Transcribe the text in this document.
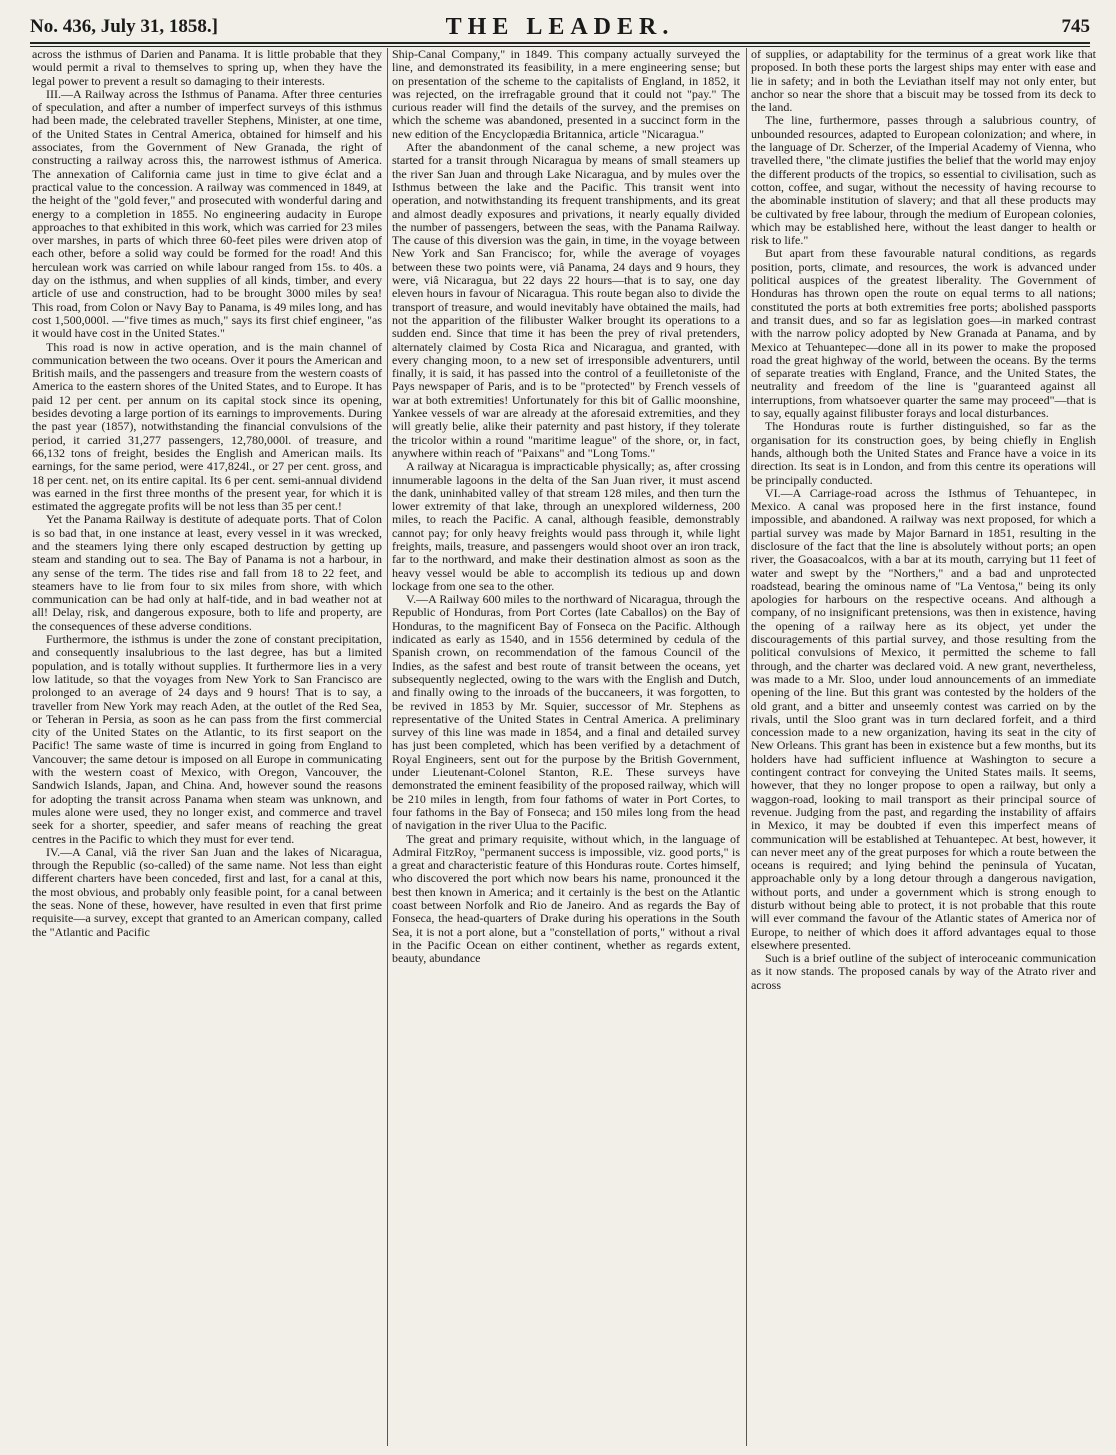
No. 436, July 31, 1858.]	THE LEADER.	745

across the isthmus of Darien and Panama. It is little probable that they would permit a rival to themselves to spring up, when they have the legal power to prevent a result so damaging to their interests.

III.—A Railway across the Isthmus of Panama. After three centuries of speculation, and after a number of imperfect surveys of this isthmus had been made, the celebrated traveller Stephens, Minister, at one time, of the United States in Central America, obtained for himself and his associates, from the Government of New Granada, the right of constructing a railway across this, the narrowest isthmus of America. The annexation of California came just in time to give éclat and a practical value to the concession. A railway was commenced in 1849, at the height of the "gold fever," and prosecuted with wonderful daring and energy to a completion in 1855. No engineering audacity in Europe approaches to that exhibited in this work, which was carried for 23 miles over marshes, in parts of which three 60-feet piles were driven atop of each other, before a solid way could be formed for the road! And this herculean work was carried on while labour ranged from 15s. to 40s. a day on the isthmus, and when supplies of all kinds, timber, and every article of use and construction, had to be brought 3000 miles by sea! This road, from Colon or Navy Bay to Panama, is 49 miles long, and has cost 1,500,000l. —"five times as much," says its first chief engineer, "as it would have cost in the United States."

This road is now in active operation, and is the main channel of communication between the two oceans. Over it pours the American and British mails, and the passengers and treasure from the western coasts of America to the eastern shores of the United States, and to Europe. It has paid 12 per cent. per annum on its capital stock since its opening, besides devoting a large portion of its earnings to improvements. During the past year (1857), notwithstanding the financial convulsions of the period, it carried 31,277 passengers, 12,780,000l. of treasure, and 66,132 tons of freight, besides the English and American mails. Its earnings, for the same period, were 417,824l., or 27 per cent. gross, and 18 per cent. net, on its entire capital. Its 6 per cent. semi-annual dividend was earned in the first three months of the present year, for which it is estimated the aggregate profits will be not less than 35 per cent.!

Yet the Panama Railway is destitute of adequate ports. That of Colon is so bad that, in one instance at least, every vessel in it was wrecked, and the steamers lying there only escaped destruction by getting up steam and standing out to sea. The Bay of Panama is not a harbour, in any sense of the term. The tides rise and fall from 18 to 22 feet, and steamers have to lie from four to six miles from shore, with which communication can be had only at half-tide, and in bad weather not at all! Delay, risk, and dangerous exposure, both to life and property, are the consequences of these adverse conditions.

Furthermore, the isthmus is under the zone of constant precipitation, and consequently insalubrious to the last degree, has but a limited population, and is totally without supplies. It furthermore lies in a very low latitude, so that the voyages from New York to San Francisco are prolonged to an average of 24 days and 9 hours! That is to say, a traveller from New York may reach Aden, at the outlet of the Red Sea, or Teheran in Persia, as soon as he can pass from the first commercial city of the United States on the Atlantic, to its first seaport on the Pacific! The same waste of time is incurred in going from England to Vancouver; the same detour is imposed on all Europe in communicating with the western coast of Mexico, with Oregon, Vancouver, the Sandwich Islands, Japan, and China. And, however sound the reasons for adopting the transit across Panama when steam was unknown, and mules alone were used, they no longer exist, and commerce and travel seek for a shorter, speedier, and safer means of reaching the great centres in the Pacific to which they must for ever tend.

IV.—A Canal, viâ the river San Juan and the lakes of Nicaragua, through the Republic (so-called) of the same name. Not less than eight different charters have been conceded, first and last, for a canal at this, the most obvious, and probably only feasible point, for a canal between the seas. None of these, however, have resulted in even that first prime requisite—a survey, except that granted to an American company, called the "Atlantic and Pacific

Ship-Canal Company," in 1849. This company actually surveyed the line, and demonstrated its feasibility, in a mere engineering sense; but on presentation of the scheme to the capitalists of England, in 1852, it was rejected, on the irrefragable ground that it could not "pay." The curious reader will find the details of the survey, and the premises on which the scheme was abandoned, presented in a succinct form in the new edition of the Encyclopædia Britannica, article "Nicaragua."

After the abandonment of the canal scheme, a new project was started for a transit through Nicaragua by means of small steamers up the river San Juan and through Lake Nicaragua, and by mules over the Isthmus between the lake and the Pacific. This transit went into operation, and notwithstanding its frequent transhipments, and its great and almost deadly exposures and privations, it nearly equally divided the number of passengers, between the seas, with the Panama Railway. The cause of this diversion was the gain, in time, in the voyage between New York and San Francisco; for, while the average of voyages between these two points were, viâ Panama, 24 days and 9 hours, they were, viâ Nicaragua, but 22 days 22 hours—that is to say, one day eleven hours in favour of Nicaragua. This route began also to divide the transport of treasure, and would inevitably have obtained the mails, had not the apparition of the filibuster Walker brought its operations to a sudden end. Since that time it has been the prey of rival pretenders, alternately claimed by Costa Rica and Nicaragua, and granted, with every changing moon, to a new set of irresponsible adventurers, until finally, it is said, it has passed into the control of a feuilletoniste of the Pays newspaper of Paris, and is to be "protected" by French vessels of war at both extremities! Unfortunately for this bit of Gallic moonshine, Yankee vessels of war are already at the aforesaid extremities, and they will greatly belie, alike their paternity and past history, if they tolerate the tricolor within a round "maritime league" of the shore, or, in fact, anywhere within reach of "Paixans" and "Long Toms."

A railway at Nicaragua is impracticable physically; as, after crossing innumerable lagoons in the delta of the San Juan river, it must ascend the dank, uninhabited valley of that stream 128 miles, and then turn the lower extremity of that lake, through an unexplored wilderness, 200 miles, to reach the Pacific. A canal, although feasible, demonstrably cannot pay; for only heavy freights would pass through it, while light freights, mails, treasure, and passengers would shoot over an iron track, far to the northward, and make their destination almost as soon as the heavy vessel would be able to accomplish its tedious up and down lockage from one sea to the other.

V.—A Railway 600 miles to the northward of Nicaragua, through the Republic of Honduras, from Port Cortes (late Caballos) on the Bay of Honduras, to the magnificent Bay of Fonseca on the Pacific. Although indicated as early as 1540, and in 1556 determined by cedula of the Spanish crown, on recommendation of the famous Council of the Indies, as the safest and best route of transit between the oceans, yet subsequently neglected, owing to the wars with the English and Dutch, and finally owing to the inroads of the buccaneers, it was forgotten, to be revived in 1853 by Mr. Squier, successor of Mr. Stephens as representative of the United States in Central America. A preliminary survey of this line was made in 1854, and a final and detailed survey has just been completed, which has been verified by a detachment of Royal Engineers, sent out for the purpose by the British Government, under Lieutenant-Colonel Stanton, R.E. These surveys have demonstrated the eminent feasibility of the proposed railway, which will be 210 miles in length, from four fathoms of water in Port Cortes, to four fathoms in the Bay of Fonseca; and 150 miles long from the head of navigation in the river Ulua to the Pacific.

The great and primary requisite, without which, in the language of Admiral FitzRoy, "permanent success is impossible, viz. good ports," is a great and characteristic feature of this Honduras route. Cortes himself, who discovered the port which now bears his name, pronounced it the best then known in America; and it certainly is the best on the Atlantic coast between Norfolk and Rio de Janeiro. And as regards the Bay of Fonseca, the head-quarters of Drake during his operations in the South Sea, it is not a port alone, but a "constellation of ports," without a rival in the Pacific Ocean on either continent, whether as regards extent, beauty, abundance

of supplies, or adaptability for the terminus of a great work like that proposed. In both these ports the largest ships may enter with ease and lie in safety; and in both the Leviathan itself may not only enter, but anchor so near the shore that a biscuit may be tossed from its deck to the land.

The line, furthermore, passes through a salubrious country, of unbounded resources, adapted to European colonization; and where, in the language of Dr. Scherzer, of the Imperial Academy of Vienna, who travelled there, "the climate justifies the belief that the world may enjoy the different products of the tropics, so essential to civilisation, such as cotton, coffee, and sugar, without the necessity of having recourse to the abominable institution of slavery; and that all these products may be cultivated by free labour, through the medium of European colonies, which may be established here, without the least danger to health or risk to life."

But apart from these favourable natural conditions, as regards position, ports, climate, and resources, the work is advanced under political auspices of the greatest liberality. The Government of Honduras has thrown open the route on equal terms to all nations; constituted the ports at both extremities free ports; abolished passports and transit dues, and so far as legislation goes—in marked contrast with the narrow policy adopted by New Granada at Panama, and by Mexico at Tehuantepec—done all in its power to make the proposed road the great highway of the world, between the oceans. By the terms of separate treaties with England, France, and the United States, the neutrality and freedom of the line is "guaranteed against all interruptions, from whatsoever quarter the same may proceed"—that is to say, equally against filibuster forays and local disturbances.

The Honduras route is further distinguished, so far as the organisation for its construction goes, by being chiefly in English hands, although both the United States and France have a voice in its direction. Its seat is in London, and from this centre its operations will be principally conducted.

VI.—A Carriage-road across the Isthmus of Tehuantepec, in Mexico. A canal was proposed here in the first instance, found impossible, and abandoned. A railway was next proposed, for which a partial survey was made by Major Barnard in 1851, resulting in the disclosure of the fact that the line is absolutely without ports; an open river, the Goasacoalcos, with a bar at its mouth, carrying but 11 feet of water and swept by the "Northers," and a bad and unprotected roadstead, bearing the ominous name of "La Ventosa," being its only apologies for harbours on the respective oceans. And although a company, of no insignificant pretensions, was then in existence, having the opening of a railway here as its object, yet under the discouragements of this partial survey, and those resulting from the political convulsions of Mexico, it permitted the scheme to fall through, and the charter was declared void. A new grant, nevertheless, was made to a Mr. Sloo, under loud announcements of an immediate opening of the line. But this grant was contested by the holders of the old grant, and a bitter and unseemly contest was carried on by the rivals, until the Sloo grant was in turn declared forfeit, and a third concession made to a new organization, having its seat in the city of New Orleans. This grant has been in existence but a few months, but its holders have had sufficient influence at Washington to secure a contingent contract for conveying the United States mails. It seems, however, that they no longer propose to open a railway, but only a waggon-road, looking to mail transport as their principal source of revenue. Judging from the past, and regarding the instability of affairs in Mexico, it may be doubted if even this imperfect means of communication will be established at Tehuantepec. At best, however, it can never meet any of the great purposes for which a route between the oceans is required; and lying behind the peninsula of Yucatan, approachable only by a long detour through a dangerous navigation, without ports, and under a government which is strong enough to disturb without being able to protect, it is not probable that this route will ever command the favour of the Atlantic states of America nor of Europe, to neither of which does it afford advantages equal to those elsewhere presented.

Such is a brief outline of the subject of interoceanic communication as it now stands. The proposed canals by way of the Atrato river and across
